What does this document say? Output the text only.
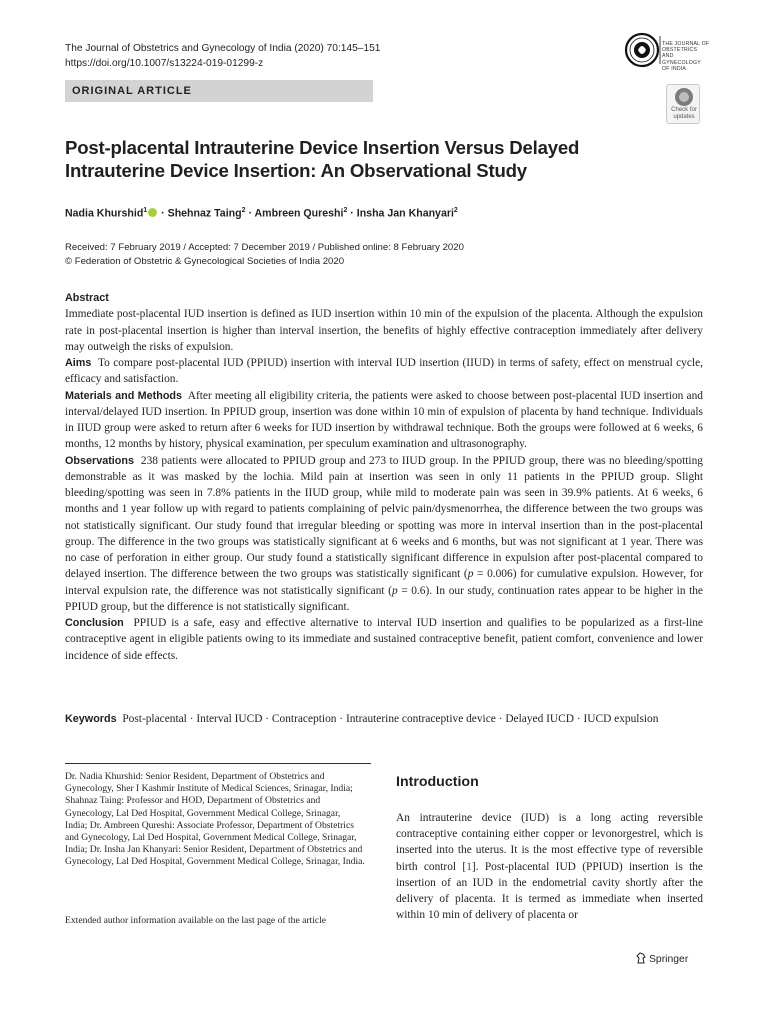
The Journal of Obstetrics and Gynecology of India (2020) 70:145–151
https://doi.org/10.1007/s13224-019-01299-z
THE JOURNAL OF
OBSTETRICS
AND
GYNECOLOGY
OF INDIA
ORIGINAL ARTICLE
Check for
updates
Post-placental Intrauterine Device Insertion Versus Delayed
Intrauterine Device Insertion: An Observational Study
Nadia Khurshid$^1$ · Shehnaz Taing$^2$ · Ambreen Qureshi$^2$ · Insha Jan Khanyari$^2$
Received: 7 February 2019 / Accepted: 7 December 2019 / Published online: 8 February 2020
© Federation of Obstetric & Gynecological Societies of India 2020
Abstract
Immediate post-placental IUD insertion is defined as IUD insertion within 10 min of the expulsion of the placenta. Although the expulsion rate in post-placental insertion is higher than interval insertion, the benefits of highly effective contraception immediately after delivery may outweigh the risks of expulsion.
Aims To compare post-placental IUD (PPIUD) insertion with interval IUD insertion (IIUD) in terms of safety, effect on menstrual cycle, efficacy and satisfaction.
Materials and Methods After meeting all eligibility criteria, the patients were asked to choose between post-placental IUD insertion and interval/delayed IUD insertion. In PPIUD group, insertion was done within 10 min of expulsion of placenta by hand technique. Individuals in IIUD group were asked to return after 6 weeks for IUD insertion by withdrawal technique. Both the groups were followed at 6 weeks, 6 months, 12 months by history, physical examination, per speculum examination and ultrasonography.
Observations 238 patients were allocated to PPIUD group and 273 to IIUD group. In the PPIUD group, there was no bleeding/spotting demonstrable as it was masked by the lochia. Mild pain at insertion was seen in only 11 patients in the PPIUD group. Slight bleeding/spotting was seen in 7.8% patients in the IIUD group, while mild to moderate pain was seen in 39.9% patients. At 6 weeks, 6 months and 1 year follow up with regard to patients complaining of pelvic pain/dysmenorrhea, the difference between the two groups was not statistically significant. Our study found that irregular bleeding or spotting was more in interval insertion than in the post-placental group. The difference in the two groups was statistically significant at 6 weeks and 6 months, but was not significant at 1 year. There was no case of perforation in either group. Our study found a statistically significant difference in expulsion after post-placental compared to delayed insertion. The difference between the two groups was statistically significant (p = 0.006) for cumulative expulsion. However, for interval expulsion rate, the difference was not statistically significant (p = 0.6). In our study, continuation rates appear to be higher in the PPIUD group, but the difference is not statistically significant.
Conclusion PPIUD is a safe, easy and effective alternative to interval IUD insertion and qualifies to be popularized as a first-line contraceptive agent in eligible patients owing to its immediate and sustained contraceptive benefit, patient comfort, convenience and lower incidence of side effects.
Keywords Post-placental · Interval IUCD · Contraception · Intrauterine contraceptive device · Delayed IUCD · IUCD expulsion
Dr. Nadia Khurshid: Senior Resident, Department of Obstetrics and Gynecology, Sher I Kashmir Institute of Medical Sciences, Srinagar, India; Shahnaz Taing: Professor and HOD, Department of Obstetrics and Gynecology, Lal Ded Hospital, Government Medical College, Srinagar, India; Dr. Ambreen Qureshi: Associate Professor, Department of Obstetrics and Gynecology, Lal Ded Hospital, Government Medical College, Srinagar, India; Dr. Insha Jan Khanyari: Senior Resident, Department of Obstetrics and Gynecology, Lal Ded Hospital, Government Medical College, Srinagar, India.
Extended author information available on the last page of the article
Introduction
An intrauterine device (IUD) is a long acting reversible contraceptive containing either copper or levonorgestrel, which is inserted into the uterus. It is the most effective type of reversible birth control [1]. Post-placental IUD (PPIUD) insertion is the insertion of an IUD in the endometrial cavity shortly after the delivery of placenta. It is termed as immediate when inserted within 10 min of delivery of placenta or
Springer
